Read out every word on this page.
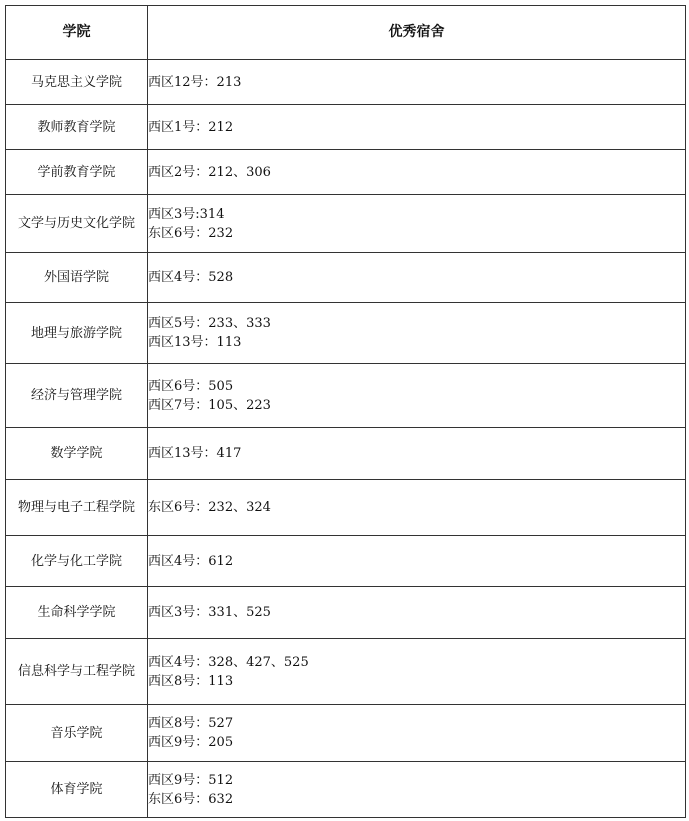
学院	优秀宿舍
马克思主义学院	西区12号：213

教师教育学院	西区1号：212

学前教育学院	西区2号：212、306

文学与历史文化学院	西区3号:314
东区6号：232

外国语学院	西区4号：528

地理与旅游学院	西区5号：233、333
西区13号：113

经济与管理学院	西区6号：505
西区7号：105、223

数学学院	西区13号：417

物理与电子工程学院	东区6号：232、324

化学与化工学院	西区4号：612

生命科学学院	西区3号：331、525

信息科学与工程学院	西区4号：328、427、525
西区8号：113

音乐学院	西区8号：527
西区9号：205

体育学院	西区9号：512
东区6号：632
